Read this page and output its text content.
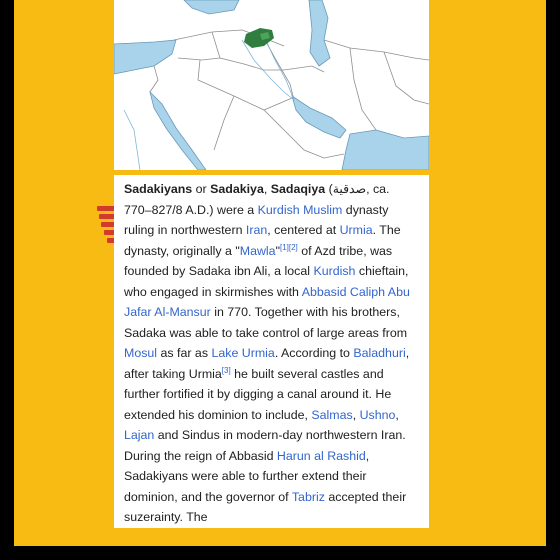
Sadakiyans or Sadakiya, Sadaqiya (صدقية, ca. 770–827/8 A.D.) were a Kurdish Muslim dynasty ruling in northwestern Iran, centered at Urmia. The dynasty, originally a "Mawla"[1][2] of Azd tribe, was founded by Sadaka ibn Ali, a local Kurdish chieftain, who engaged in skirmishes with Abbasid Caliph Abu Jafar Al-Mansur in 770. Together with his brothers, Sadaka was able to take control of large areas from Mosul as far as Lake Urmia. According to Baladhuri, after taking Urmia[3] he built several castles and further fortified it by digging a canal around it. He extended his dominion to include, Salmas, Ushno, Lajan and Sindus in modern-day northwestern Iran. During the reign of Abbasid Harun al Rashid, Sadakiyans were able to further extend their dominion, and the governor of Tabriz accepted their suzerainty. The
